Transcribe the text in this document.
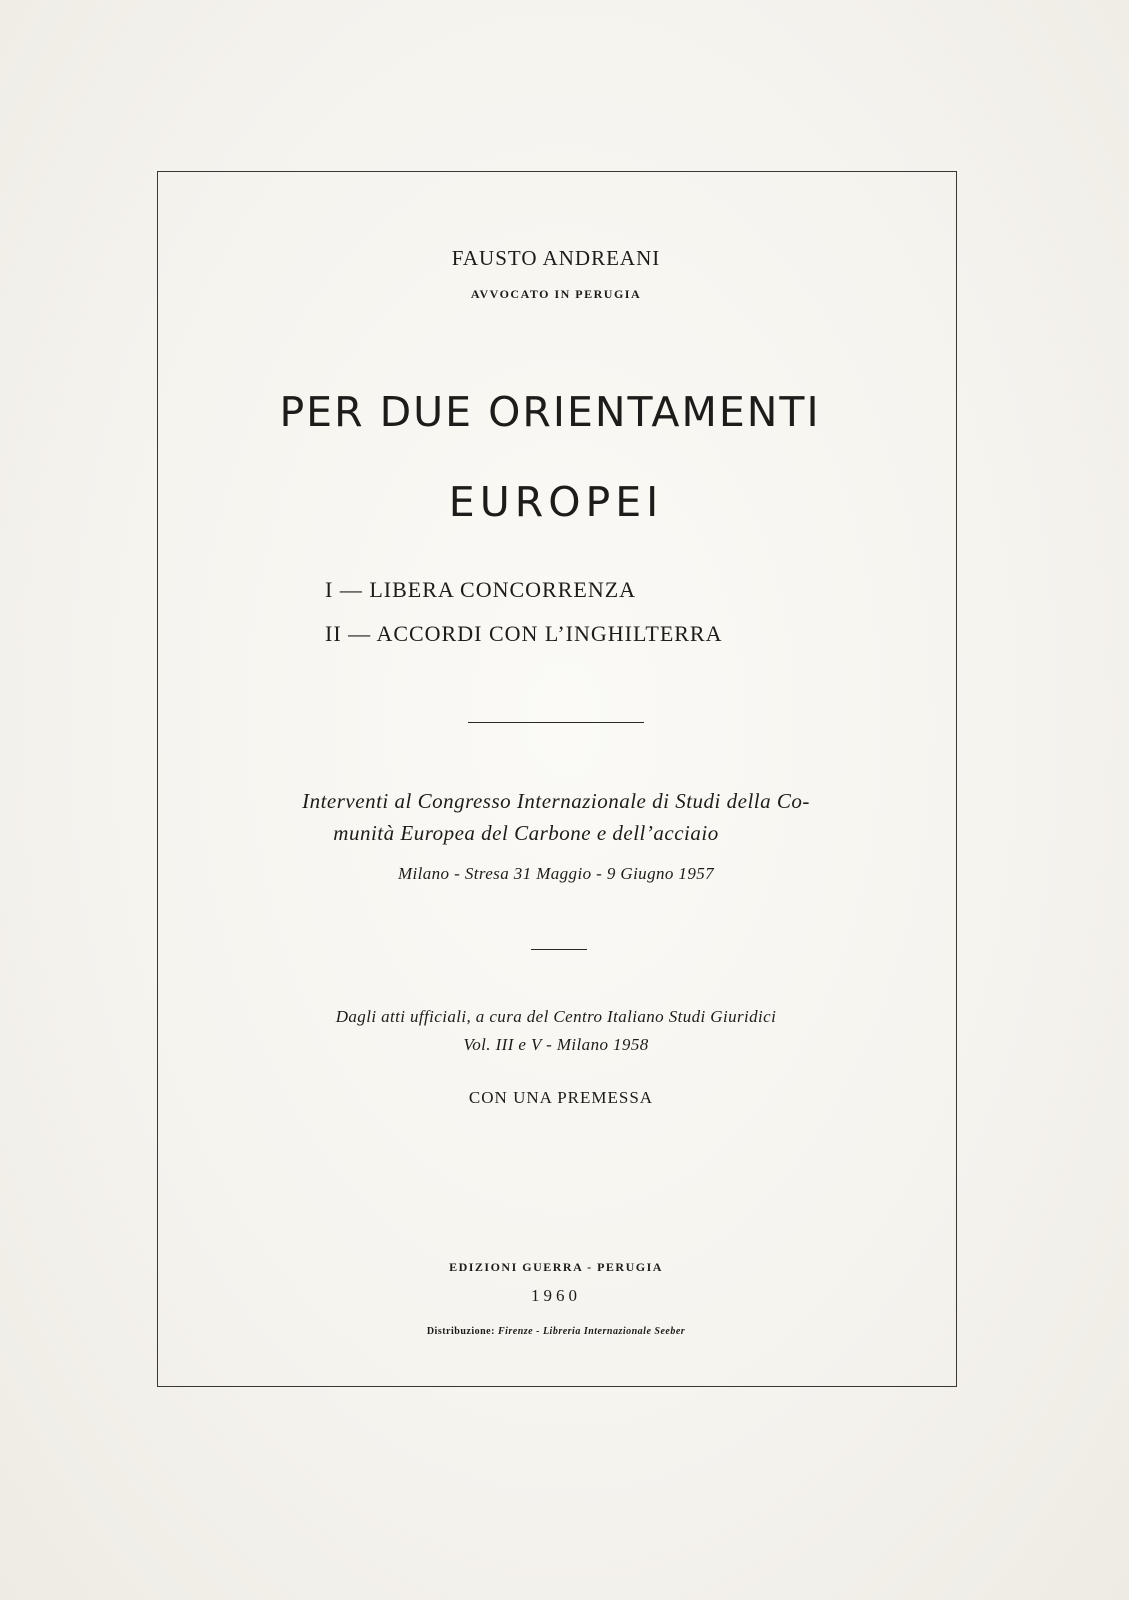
FAUSTO ANDREANI
AVVOCATO IN PERUGIA
PER DUE ORIENTAMENTI
EUROPEI
I — LIBERA CONCORRENZA
II — ACCORDI CON L’INGHILTERRA
Interventi al Congresso Internazionale di Studi della Co-
munità Europea del Carbone e dell’acciaio
Milano - Stresa 31 Maggio - 9 Giugno 1957
Dagli atti ufficiali, a cura del Centro Italiano Studi Giuridici
Vol. III e V - Milano 1958
CON UNA PREMESSA
EDIZIONI GUERRA - PERUGIA
1960
Distribuzione: Firenze - Libreria Internazionale Seeber
